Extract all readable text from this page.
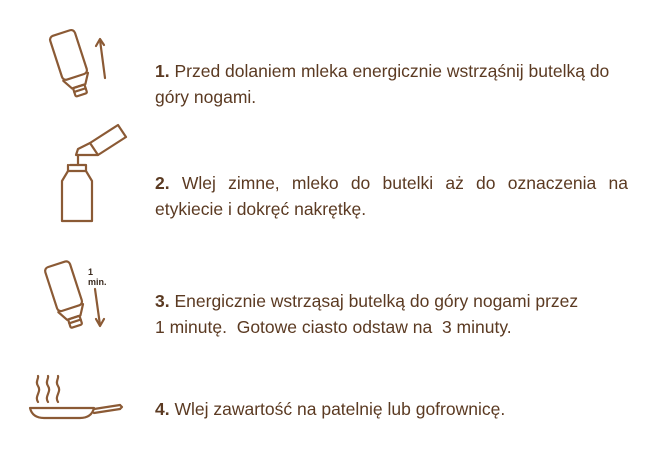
1. Przed dolaniem mleka energicznie wstrząśnij butelką do góry nogami.
2. Wlej zimne, mleko do butelki aż do oznaczenia na etykiecie i dokręć nakrętkę.
1 min.
3. Energicznie wstrząsaj butelką do góry nogami przez
1 minutę.  Gotowe ciasto odstaw na  3 minuty.
4. Wlej zawartość na patelnię lub gofrownicę.
